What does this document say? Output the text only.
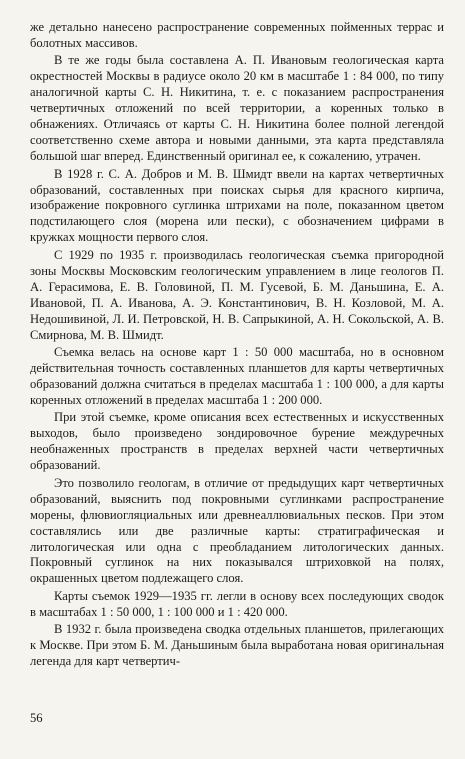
же детально нанесено распространение современных пойменных террас и болотных массивов.

В те же годы была составлена А. П. Ивановым геологическая карта окрестностей Москвы в радиусе около 20 км в масштабе 1 : 84 000, по типу аналогичной карты С. Н. Никитина, т. е. с показанием распространения четвертичных отложений по всей территории, а коренных только в обнажениях. Отличаясь от карты С. Н. Никитина более полной легендой соответственно схеме автора и новыми данными, эта карта представляла большой шаг вперед. Единственный оригинал ее, к сожалению, утрачен.

В 1928 г. С. А. Добров и М. В. Шмидт ввели на картах четвертичных образований, составленных при поисках сырья для красного кирпича, изображение покровного суглинка штрихами на поле, показанном цветом подстилающего слоя (морена или пески), с обозначением цифрами в кружках мощности первого слоя.

С 1929 по 1935 г. производилась геологическая съемка пригородной зоны Москвы Московским геологическим управлением в лице геологов П. А. Герасимова, Е. В. Головиной, П. М. Гусевой, Б. М. Даньшина, Е. А. Ивановой, П. А. Иванова, А. Э. Константинович, В. Н. Козловой, М. А. Недошивиной, Л. И. Петровской, Н. В. Сапрыкиной, А. Н. Сокольской, А. В. Смирнова, М. В. Шмидт.

Съемка велась на основе карт 1 : 50 000 масштаба, но в основном действительная точность составленных планшетов для карты четвертичных образований должна считаться в пределах масштаба 1 : 100 000, а для карты коренных отложений в пределах масштаба 1 : 200 000.

При этой съемке, кроме описания всех естественных и искусственных выходов, было произведено зондировочное бурение междуречных необнаженных пространств в пределах верхней части четвертичных образований.

Это позволило геологам, в отличие от предыдущих карт четвертичных образований, выяснить под покровными суглинками распространение морены, флювиогляциальных или древнеаллювиальных песков. При этом составлялись или две различные карты: стратиграфическая и литологическая или одна с преобладанием литологических данных. Покровный суглинок на них показывался штриховкой на полях, окрашенных цветом подлежащего слоя.

Карты съемок 1929—1935 гг. легли в основу всех последующих сводок в масштабах 1 : 50 000, 1 : 100 000 и 1 : 420 000.

В 1932 г. была произведена сводка отдельных планшетов, прилегающих к Москве. При этом Б. М. Даньшиным была выработана новая оригинальная легенда для карт четвертич-

56
